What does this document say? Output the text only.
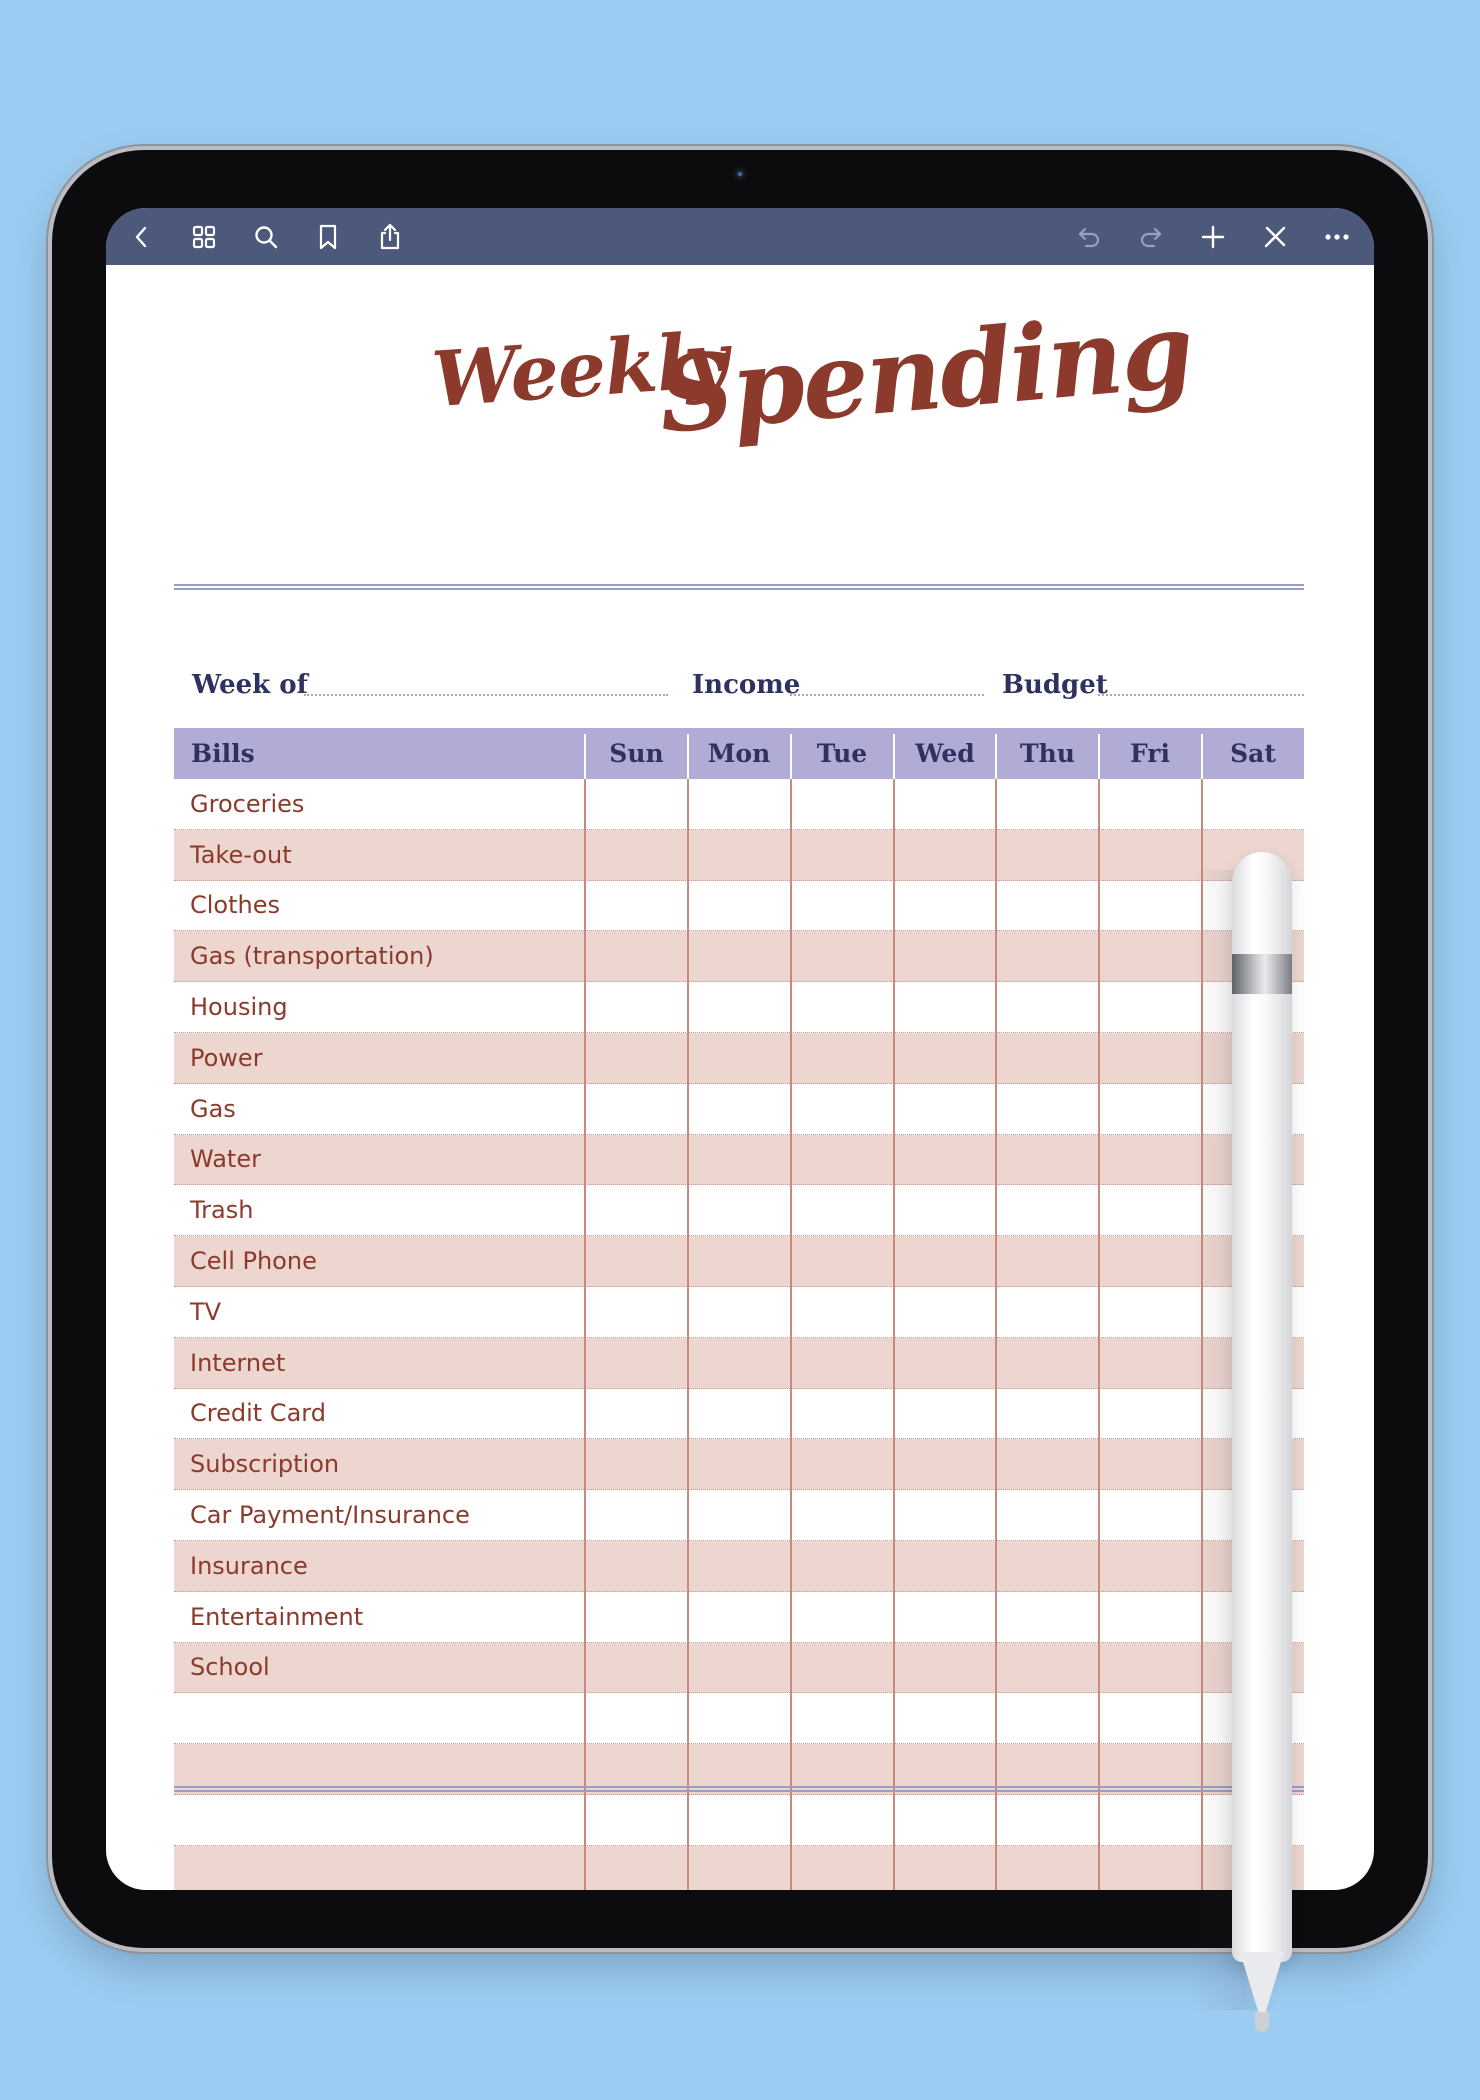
Weekly
Spending
Week of	Income	Budget
Bills	Sun	Mon	Tue	Wed	Thu	Fri	Sat
Groceries
Take-out
Clothes
Gas (transportation)
Housing
Power
Gas
Water
Trash
Cell Phone
TV
Internet
Credit Card
Subscription
Car Payment/Insurance
Insurance
Entertainment
School
